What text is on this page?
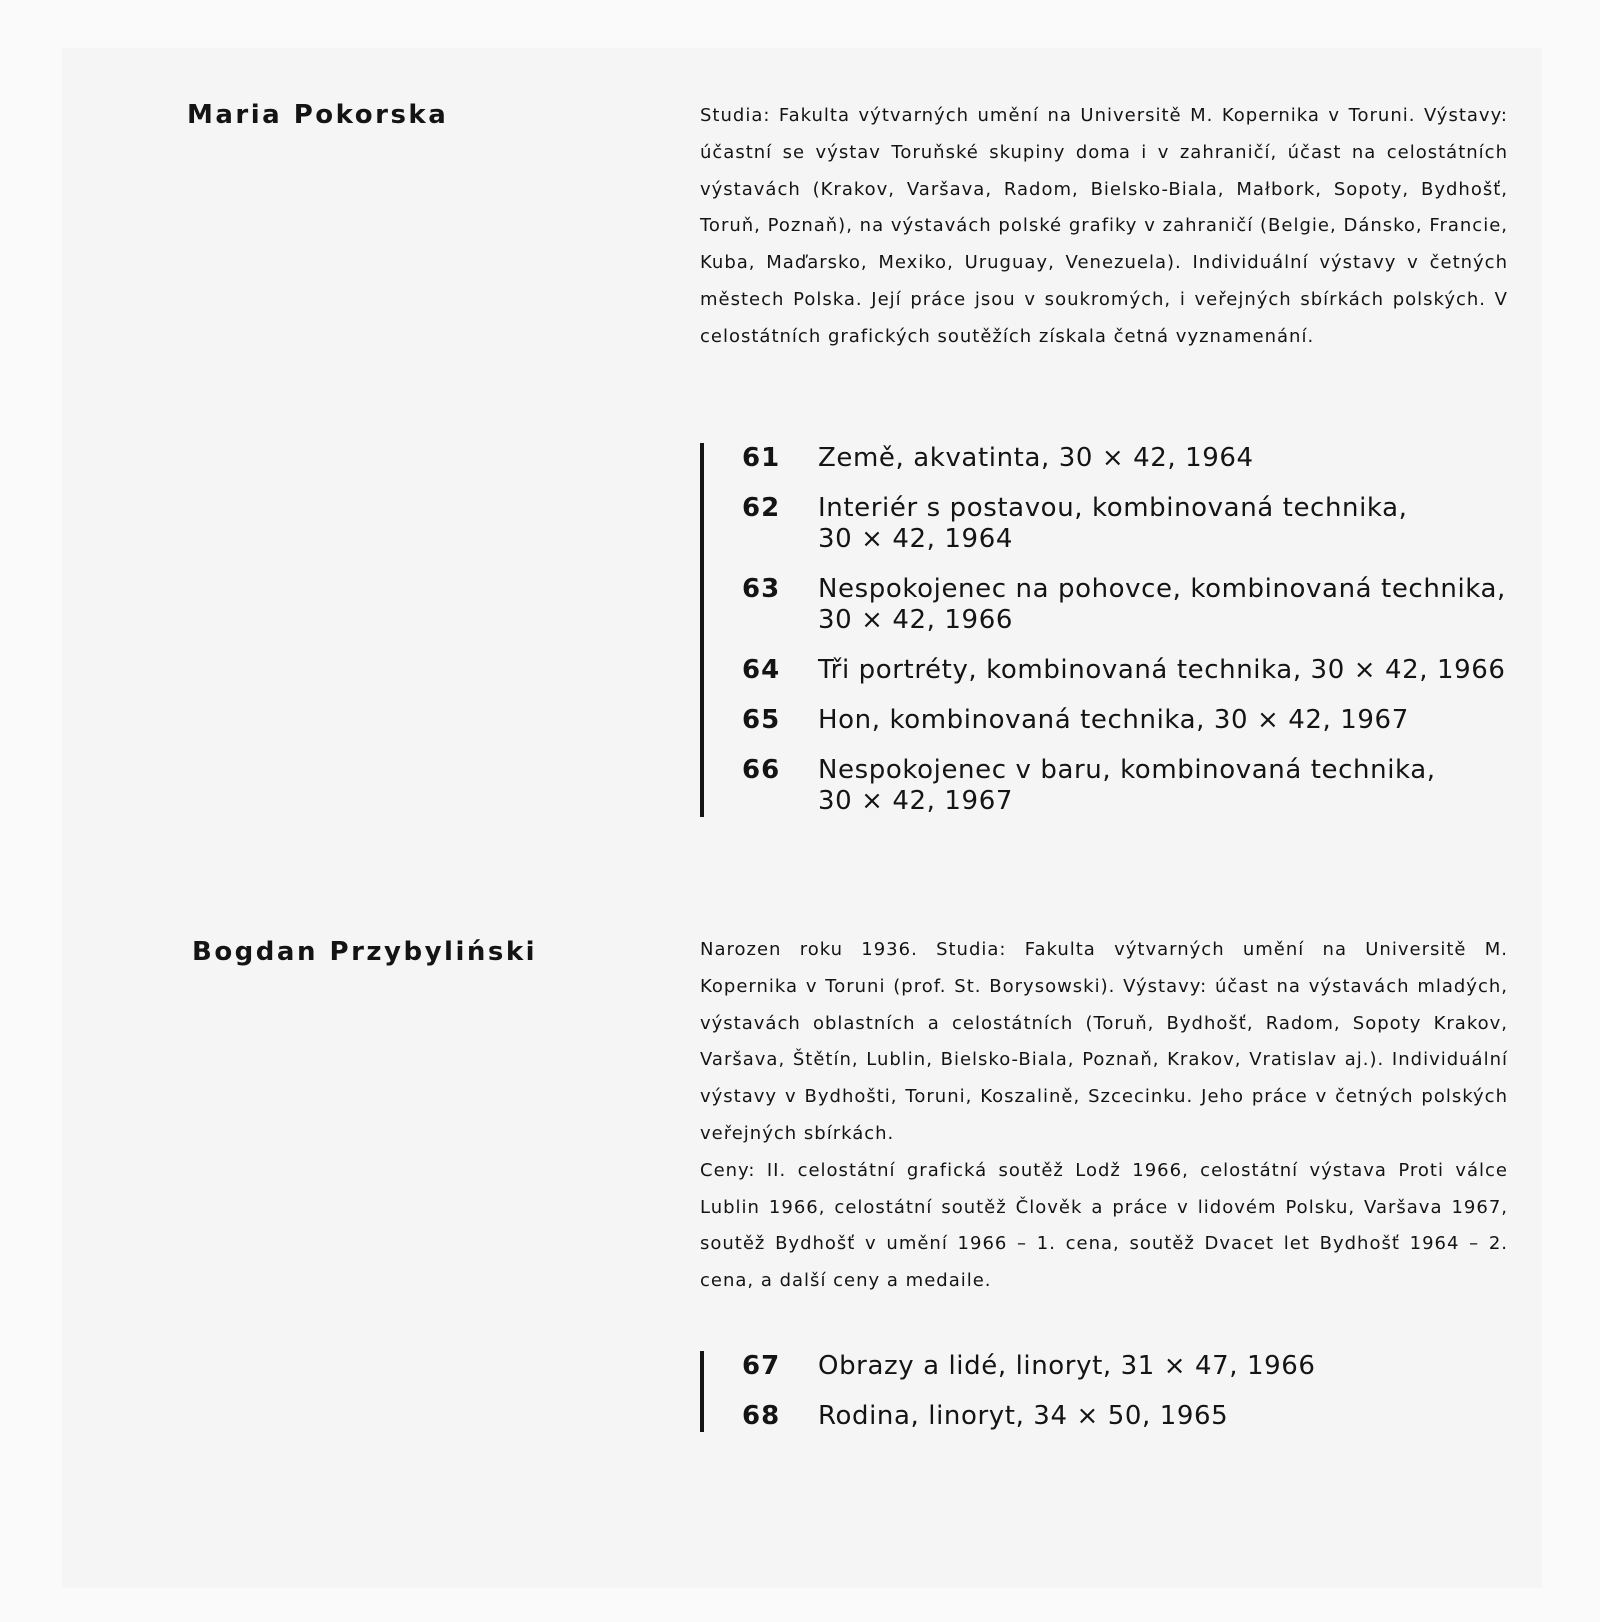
Maria Pokorska	Studia: Fakulta výtvarných umění na Universitě M. Kopernika v Toruni. Výstavy: účastní se výstav Toruňské skupiny doma i v zahraničí, účast na celostátních výstavách (Krakov, Varšava, Radom, Bielsko-Biala, Małbork, Sopoty, Bydhošť, Toruň, Poznaň), na výstavách polské grafiky v zahraničí (Belgie, Dánsko, Francie, Kuba, Maďarsko, Mexiko, Uruguay, Venezuela). Individuální výstavy v četných městech Polska. Její práce jsou v soukromých, i veřejných sbírkách polských. V celostátních grafických soutěžích získala četná vyznamenání.

61	Země, akvatinta, 30 × 42, 1964
62	Interiér s postavou, kombinovaná technika,
30 × 42, 1964
63	Nespokojenec na pohovce, kombinovaná technika,
30 × 42, 1966
64	Tři portréty, kombinovaná technika, 30 × 42, 1966
65	Hon, kombinovaná technika, 30 × 42, 1967
66	Nespokojenec v baru, kombinovaná technika,
30 × 42, 1967
Bogdan Przybyliński	Narozen roku 1936. Studia: Fakulta výtvarných umění na Universitě M. Kopernika v Toruni (prof. St. Borysowski). Výstavy: účast na výstavách mladých, výstavách oblastních a celostátních (Toruň, Bydhošť, Radom, Sopoty Krakov, Varšava, Štětín, Lublin, Bielsko-Biala, Poznaň, Krakov, Vratislav aj.). Individuální výstavy v Bydhošti, Toruni, Koszalině, Szcecinku. Jeho práce v četných polských veřejných sbírkách.

Ceny: II. celostátní grafická soutěž Lodž 1966, celostátní výstava Proti válce Lublin 1966, celostátní soutěž Člověk a práce v lidovém Polsku, Varšava 1967, soutěž Bydhošť v umění 1966 – 1. cena, soutěž Dvacet let Bydhošť 1964 – 2. cena, a další ceny a medaile.

67	Obrazy a lidé, linoryt, 31 × 47, 1966
68	Rodina, linoryt, 34 × 50, 1965
